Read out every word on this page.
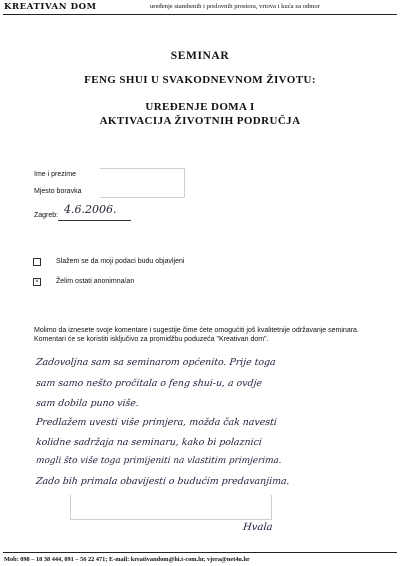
KREATIVAN DOM	uređenje stambenih i poslovnih prostora, vrtova i kuća za odmor
SEMINAR
FENG SHUI U SVAKODNEVNOM ŽIVOTU:
UREĐENJE DOMA I
AKTIVACIJA ŽIVOTNIH PODRUČJA
Ime i prezime
Mjesto boravka
Zagreb: 4.6.2006.
Slažem se da moji podaci budu objavljeni
×	Želim ostati anonimna/an
Molimo da iznesete svoje komentare i sugestije čime ćete omogućiti još kvalitetnije održavanje seminara. Komentari će se koristiti isključivo za promidžbu poduzeća "Kreativan dom".
Zadovoljna sam sa seminarom općenito. Prije toga
sam samo nešto pročitala o feng shui-u, a ovdje
sam dobila puno više.
Predlažem uvesti više primjera, možda čak navesti
kolidne sadržaja na seminaru, kako bi polaznici
mogli što više toga primijeniti na vlastitim primjerima.
Zado bih primala obavijesti o budućim predavanjima.
Hvala
Mob: 098 – 18 38 444, 091 – 56 22 471; E-mail: kreativandom@hi.t-com.hr, vjera@net4u.hr
